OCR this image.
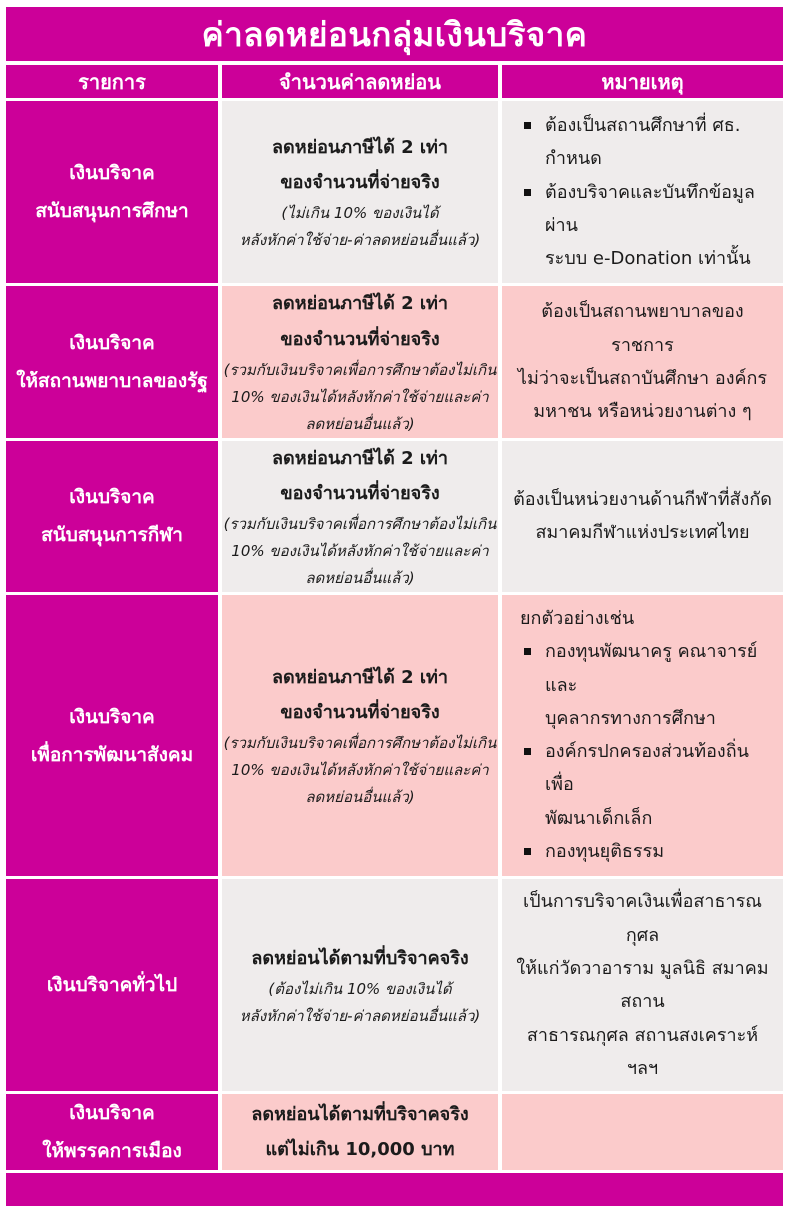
ค่าลดหย่อนกลุ่มเงินบริจาค
รายการ	จำนวนค่าลดหย่อน	หมายเหตุ
เงินบริจาค
สนับสนุนการศึกษา
ลดหย่อนภาษีได้ 2 เท่า
ของจำนวนที่จ่ายจริง
(ไม่เกิน 10% ของเงินได้
หลังหักค่าใช้จ่าย-ค่าลดหย่อนอื่นแล้ว)
ต้องเป็นสถานศึกษาที่ ศธ. กำหนด
ต้องบริจาคและบันทึกข้อมูลผ่าน
ระบบ e-Donation เท่านั้น
เงินบริจาค
ให้สถานพยาบาลของรัฐ
ลดหย่อนภาษีได้ 2 เท่า
ของจำนวนที่จ่ายจริง
(รวมกับเงินบริจาคเพื่อการศึกษาต้องไม่เกิน
10% ของเงินได้หลังหักค่าใช้จ่ายและค่า
ลดหย่อนอื่นแล้ว)
ต้องเป็นสถานพยาบาลของราชการ
ไม่ว่าจะเป็นสถาบันศึกษา องค์กร
มหาชน หรือหน่วยงานต่าง ๆ
เงินบริจาค
สนับสนุนการกีฬา
ลดหย่อนภาษีได้ 2 เท่า
ของจำนวนที่จ่ายจริง
(รวมกับเงินบริจาคเพื่อการศึกษาต้องไม่เกิน
10% ของเงินได้หลังหักค่าใช้จ่ายและค่า
ลดหย่อนอื่นแล้ว)
ต้องเป็นหน่วยงานด้านกีฬาที่สังกัด
สมาคมกีฬาแห่งประเทศไทย
เงินบริจาค
เพื่อการพัฒนาสังคม
ลดหย่อนภาษีได้ 2 เท่า
ของจำนวนที่จ่ายจริง
(รวมกับเงินบริจาคเพื่อการศึกษาต้องไม่เกิน
10% ของเงินได้หลังหักค่าใช้จ่ายและค่า
ลดหย่อนอื่นแล้ว)
ยกตัวอย่างเช่น
กองทุนพัฒนาครู คณาจารย์ และ
บุคลากรทางการศึกษา
องค์กรปกครองส่วนท้องถิ่นเพื่อ
พัฒนาเด็กเล็ก
กองทุนยุติธรรม
เงินบริจาคทั่วไป
ลดหย่อนได้ตามที่บริจาคจริง
(ต้องไม่เกิน 10% ของเงินได้
หลังหักค่าใช้จ่าย-ค่าลดหย่อนอื่นแล้ว)
เป็นการบริจาคเงินเพื่อสาธารณกุศล
ให้แก่วัดวาอาราม มูลนิธิ สมาคม สถาน
สาธารณกุศล สถานสงเคราะห์ ฯลฯ
เงินบริจาค
ให้พรรคการเมือง
ลดหย่อนได้ตามที่บริจาคจริง
แต่ไม่เกิน 10,000 บาท
